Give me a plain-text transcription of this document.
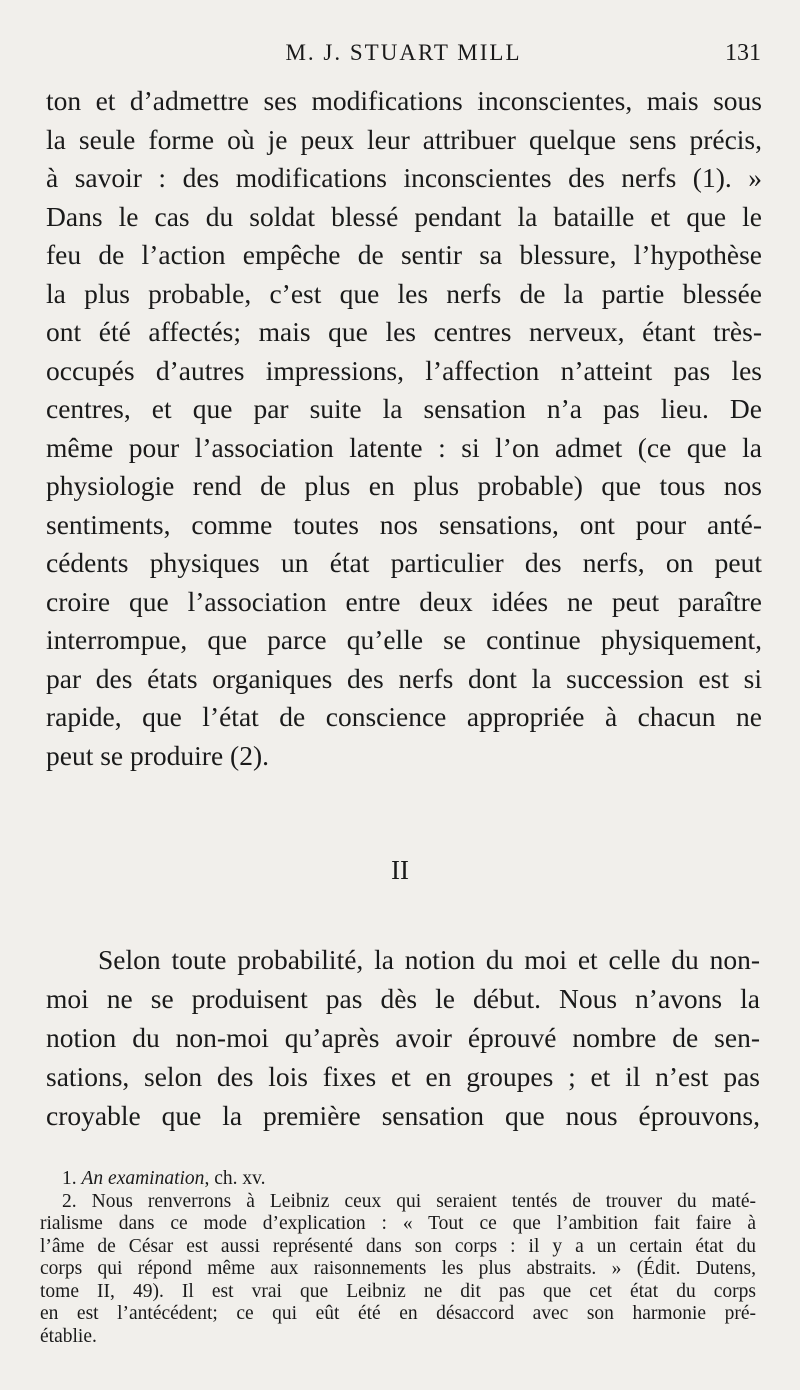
M. J. STUART MILL	131
ton et d’admettre ses modifications inconscientes, mais sous
la seule forme où je peux leur attribuer quelque sens précis,
à savoir : des modifications inconscientes des nerfs (1). »
Dans le cas du soldat blessé pendant la bataille et que le
feu de l’action empêche de sentir sa blessure, l’hypothèse
la plus probable, c’est que les nerfs de la partie blessée
ont été affectés; mais que les centres nerveux, étant très-
occupés d’autres impressions, l’affection n’atteint pas les
centres, et que par suite la sensation n’a pas lieu. De
même pour l’association latente : si l’on admet (ce que la
physiologie rend de plus en plus probable) que tous nos
sentiments, comme toutes nos sensations, ont pour anté-
cédents physiques un état particulier des nerfs, on peut
croire que l’association entre deux idées ne peut paraître
interrompue, que parce qu’elle se continue physiquement,
par des états organiques des nerfs dont la succession est si
rapide, que l’état de conscience appropriée à chacun ne
peut se produire (2).
II
Selon toute probabilité, la notion du moi et celle du non-
moi ne se produisent pas dès le début. Nous n’avons la
notion du non-moi qu’après avoir éprouvé nombre de sen-
sations, selon des lois fixes et en groupes ; et il n’est pas
croyable que la première sensation que nous éprouvons,
1. An examination, ch. xv.
2. Nous renverrons à Leibniz ceux qui seraient tentés de trouver du maté-
rialisme dans ce mode d’explication : « Tout ce que l’ambition fait faire à
l’âme de César est aussi représenté dans son corps : il y a un certain état du
corps qui répond même aux raisonnements les plus abstraits. » (Édit. Dutens,
tome II, 49). Il est vrai que Leibniz ne dit pas que cet état du corps
en est l’antécédent; ce qui eût été en désaccord avec son harmonie pré-
établie.
